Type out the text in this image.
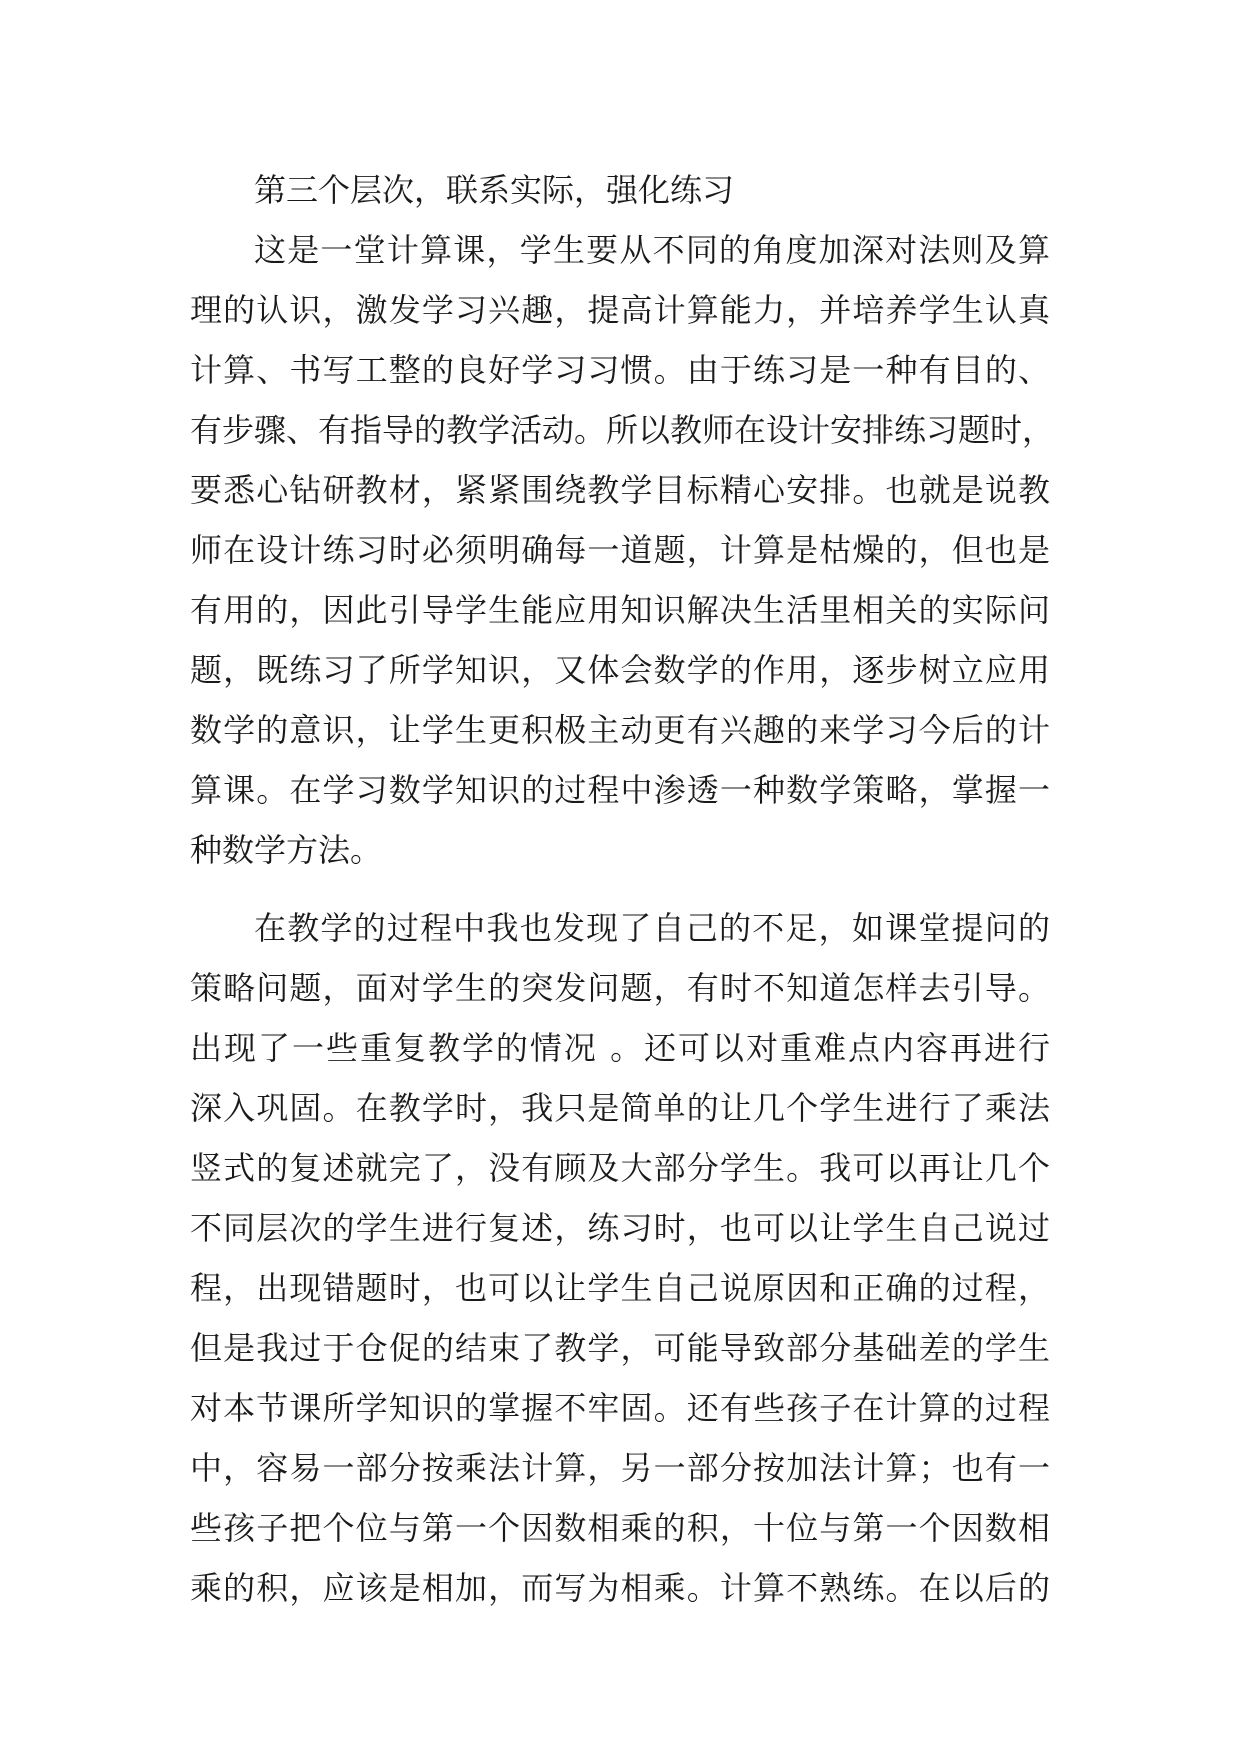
第三个层次，联系实际，强化练习
这是一堂计算课，学生要从不同的角度加深对法则及算
理的认识，激发学习兴趣，提高计算能力，并培养学生认真
计算、书写工整的良好学习习惯。由于练习是一种有目的、
有步骤、有指导的教学活动。所以教师在设计安排练习题时，
要悉心钻研教材，紧紧围绕教学目标精心安排。也就是说教
师在设计练习时必须明确每一道题，计算是枯燥的，但也是
有用的，因此引导学生能应用知识解决生活里相关的实际问
题，既练习了所学知识，又体会数学的作用，逐步树立应用
数学的意识，让学生更积极主动更有兴趣的来学习今后的计
算课。在学习数学知识的过程中渗透一种数学策略，掌握一
种数学方法。
在教学的过程中我也发现了自己的不足，如课堂提问的
策略问题，面对学生的突发问题，有时不知道怎样去引导。
出现了一些重复教学的情况 。还可以对重难点内容再进行
深入巩固。在教学时，我只是简单的让几个学生进行了乘法
竖式的复述就完了，没有顾及大部分学生。我可以再让几个
不同层次的学生进行复述，练习时，也可以让学生自己说过
程，出现错题时，也可以让学生自己说原因和正确的过程，
但是我过于仓促的结束了教学，可能导致部分基础差的学生
对本节课所学知识的掌握不牢固。还有些孩子在计算的过程
中，容易一部分按乘法计算，另一部分按加法计算；也有一
些孩子把个位与第一个因数相乘的积，十位与第一个因数相
乘的积，应该是相加，而写为相乘。计算不熟练。在以后的
